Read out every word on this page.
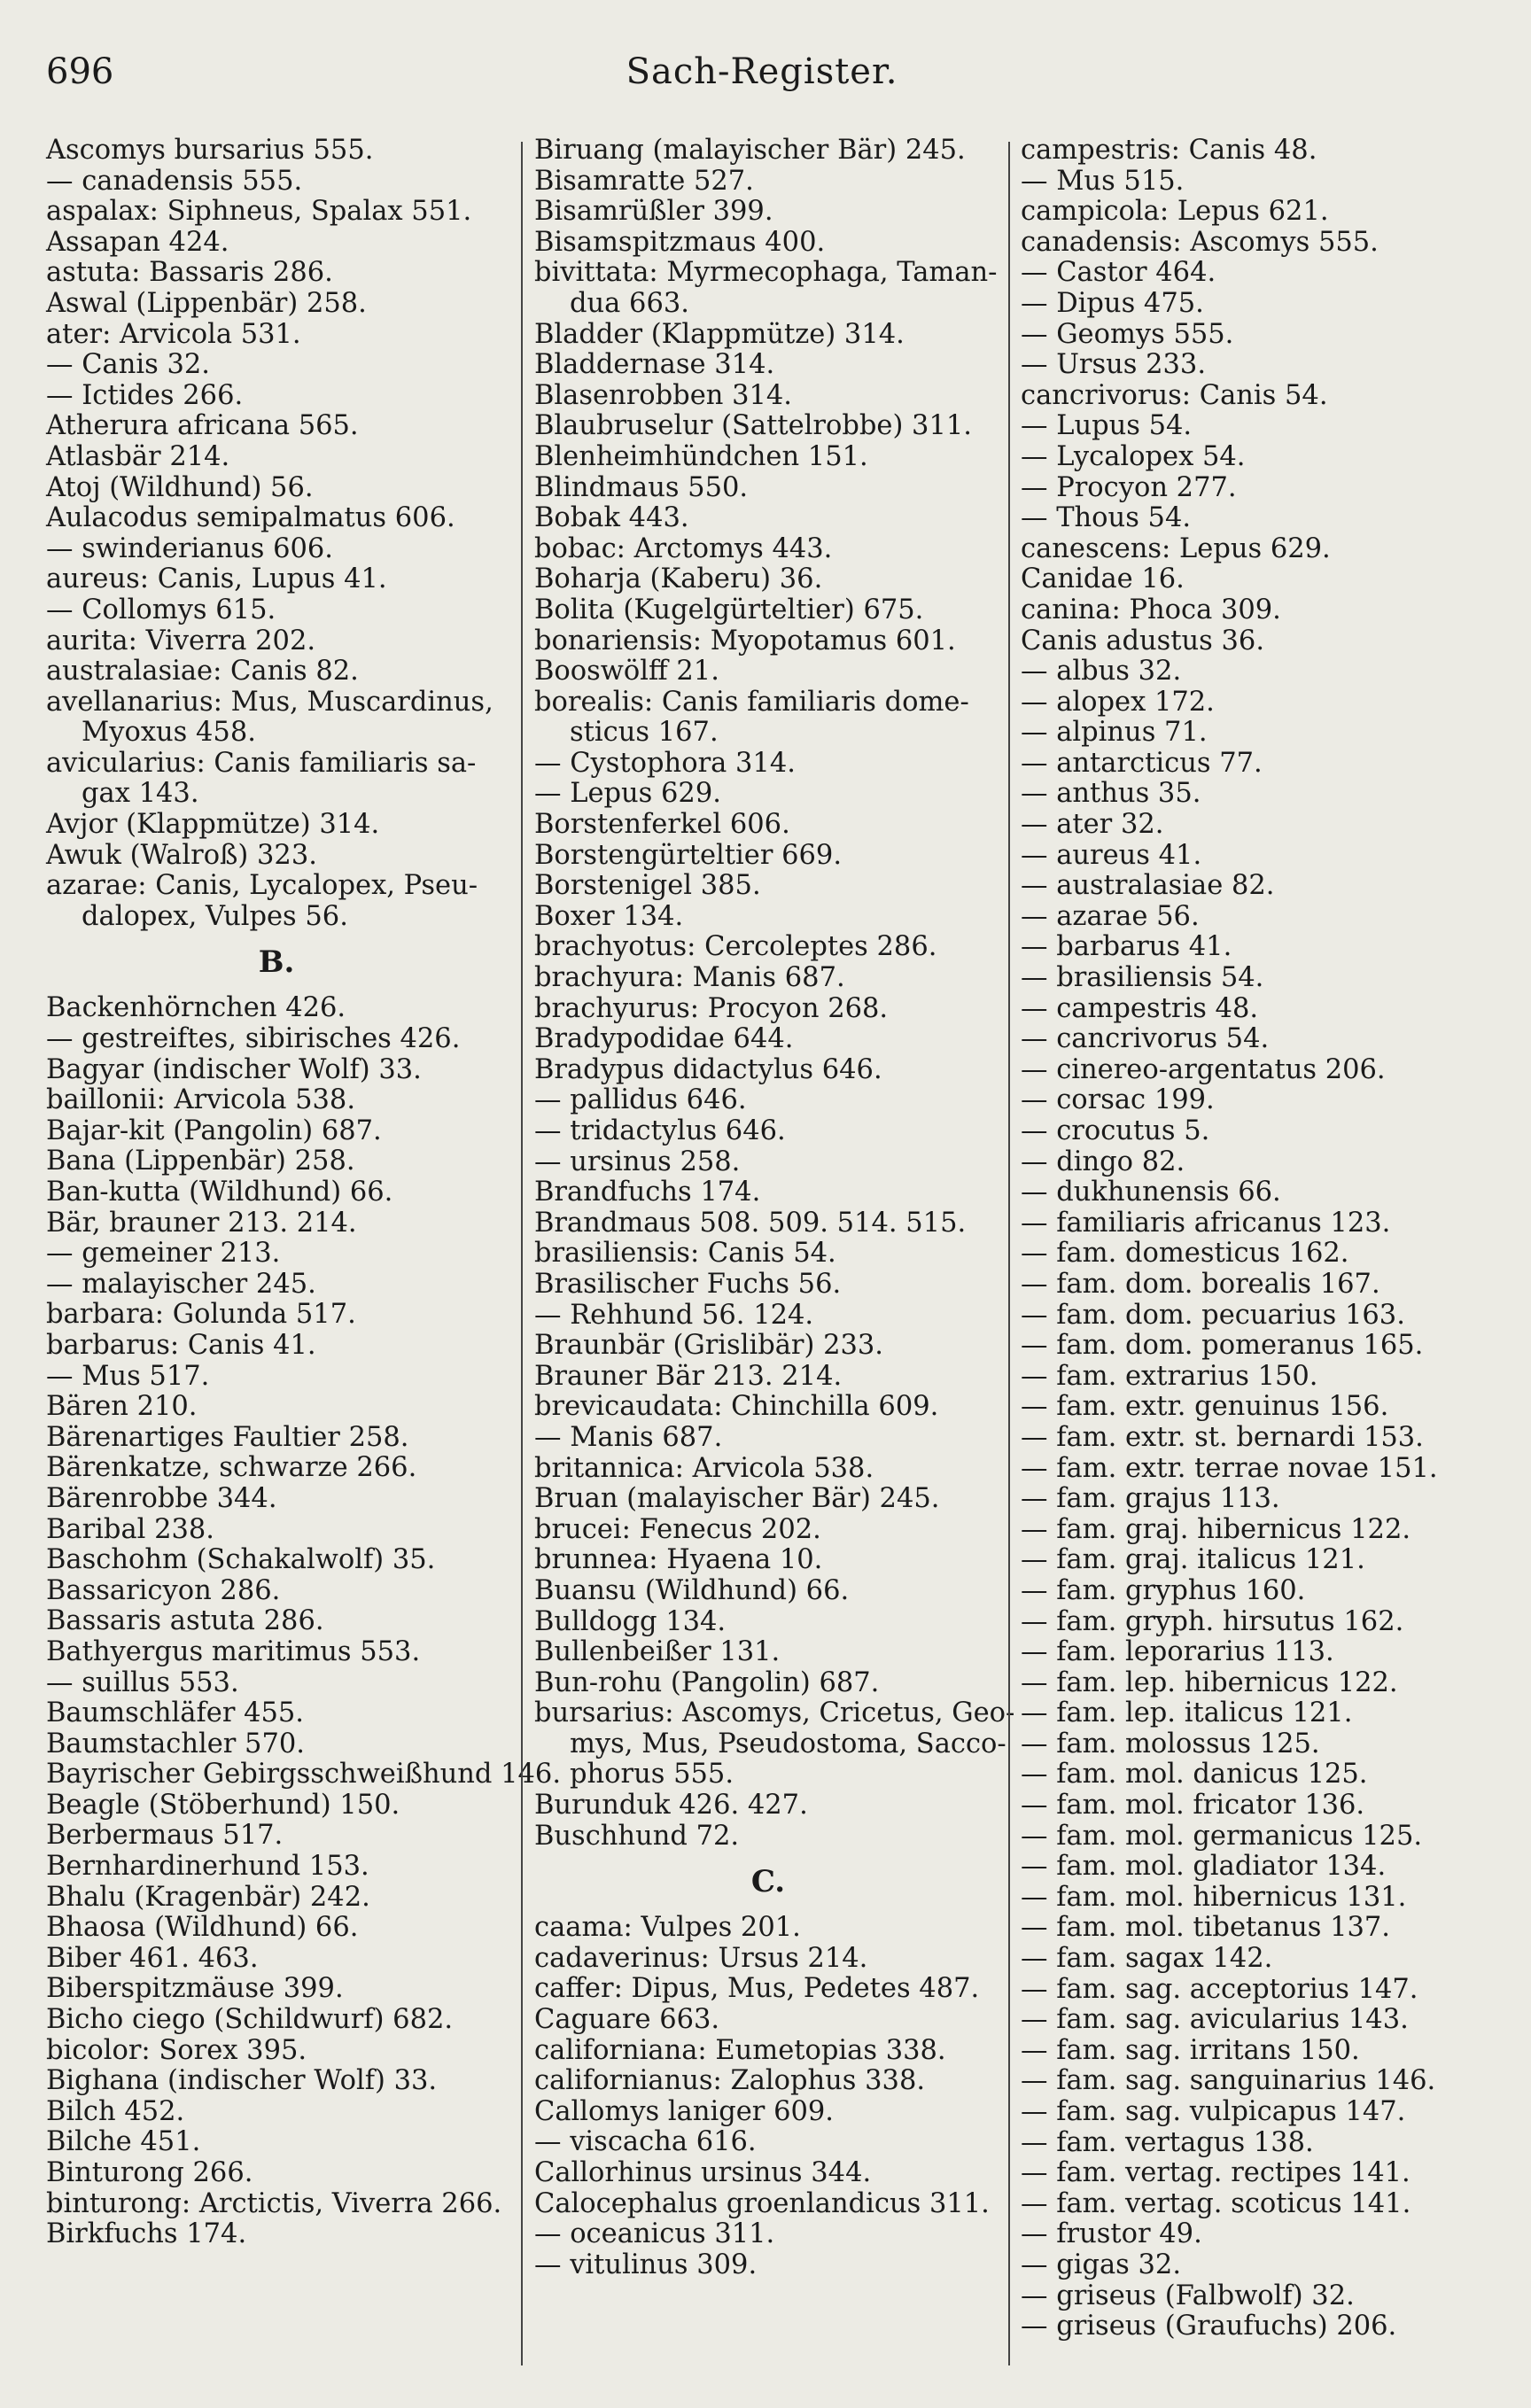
696	Sach-Register.
Ascomys bursarius 555.
— canadensis 555.
aspalax: Siphneus, Spalax 551.
Assapan 424.
astuta: Bassaris 286.
Aswal (Lippenbär) 258.
ater: Arvicola 531.
— Canis 32.
— Ictides 266.
Atherura africana 565.
Atlasbär 214.
Atoj (Wildhund) 56.
Aulacodus semipalmatus 606.
— swinderianus 606.
aureus: Canis, Lupus 41.
— Collomys 615.
aurita: Viverra 202.
australasiae: Canis 82.
avellanarius: Mus, Muscardinus,
Myoxus 458.
avicularius: Canis familiaris sa-
gax 143.
Avjor (Klappmütze) 314.
Awuk (Walroß) 323.
azarae: Canis, Lycalopex, Pseu-
dalopex, Vulpes 56.
B.
Backenhörnchen 426.
— gestreiftes, sibirisches 426.
Bagyar (indischer Wolf) 33.
baillonii: Arvicola 538.
Bajar-kit (Pangolin) 687.
Bana (Lippenbär) 258.
Ban-kutta (Wildhund) 66.
Bär, brauner 213. 214.
— gemeiner 213.
— malayischer 245.
barbara: Golunda 517.
barbarus: Canis 41.
— Mus 517.
Bären 210.
Bärenartiges Faultier 258.
Bärenkatze, schwarze 266.
Bärenrobbe 344.
Baribal 238.
Baschohm (Schakalwolf) 35.
Bassaricyon 286.
Bassaris astuta 286.
Bathyergus maritimus 553.
— suillus 553.
Baumschläfer 455.
Baumstachler 570.
Bayrischer Gebirgsschweißhund 146.
Beagle (Stöberhund) 150.
Berbermaus 517.
Bernhardinerhund 153.
Bhalu (Kragenbär) 242.
Bhaosa (Wildhund) 66.
Biber 461. 463.
Biberspitzmäuse 399.
Bicho ciego (Schildwurf) 682.
bicolor: Sorex 395.
Bighana (indischer Wolf) 33.
Bilch 452.
Bilche 451.
Binturong 266.
binturong: Arctictis, Viverra 266.
Birkfuchs 174.
Biruang (malayischer Bär) 245.
Bisamratte 527.
Bisamrüßler 399.
Bisamspitzmaus 400.
bivittata: Myrmecophaga, Taman-
dua 663.
Bladder (Klappmütze) 314.
Bladdernase 314.
Blasenrobben 314.
Blaubruselur (Sattelrobbe) 311.
Blenheimhündchen 151.
Blindmaus 550.
Bobak 443.
bobac: Arctomys 443.
Boharja (Kaberu) 36.
Bolita (Kugelgürteltier) 675.
bonariensis: Myopotamus 601.
Booswölff 21.
borealis: Canis familiaris dome-
sticus 167.
— Cystophora 314.
— Lepus 629.
Borstenferkel 606.
Borstengürteltier 669.
Borstenigel 385.
Boxer 134.
brachyotus: Cercoleptes 286.
brachyura: Manis 687.
brachyurus: Procyon 268.
Bradypodidae 644.
Bradypus didactylus 646.
— pallidus 646.
— tridactylus 646.
— ursinus 258.
Brandfuchs 174.
Brandmaus 508. 509. 514. 515.
brasiliensis: Canis 54.
Brasilischer Fuchs 56.
— Rehhund 56. 124.
Braunbär (Grislibär) 233.
Brauner Bär 213. 214.
brevicaudata: Chinchilla 609.
— Manis 687.
britannica: Arvicola 538.
Bruan (malayischer Bär) 245.
brucei: Fenecus 202.
brunnea: Hyaena 10.
Buansu (Wildhund) 66.
Bulldogg 134.
Bullenbeißer 131.
Bun-rohu (Pangolin) 687.
bursarius: Ascomys, Cricetus, Geo-
mys, Mus, Pseudostoma, Sacco-
phorus 555.
Burunduk 426. 427.
Buschhund 72.
C.
caama: Vulpes 201.
cadaverinus: Ursus 214.
caffer: Dipus, Mus, Pedetes 487.
Caguare 663.
californiana: Eumetopias 338.
californianus: Zalophus 338.
Callomys laniger 609.
— viscacha 616.
Callorhinus ursinus 344.
Calocephalus groenlandicus 311.
— oceanicus 311.
— vitulinus 309.
campestris: Canis 48.
— Mus 515.
campicola: Lepus 621.
canadensis: Ascomys 555.
— Castor 464.
— Dipus 475.
— Geomys 555.
— Ursus 233.
cancrivorus: Canis 54.
— Lupus 54.
— Lycalopex 54.
— Procyon 277.
— Thous 54.
canescens: Lepus 629.
Canidae 16.
canina: Phoca 309.
Canis adustus 36.
— albus 32.
— alopex 172.
— alpinus 71.
— antarcticus 77.
— anthus 35.
— ater 32.
— aureus 41.
— australasiae 82.
— azarae 56.
— barbarus 41.
— brasiliensis 54.
— campestris 48.
— cancrivorus 54.
— cinereo-argentatus 206.
— corsac 199.
— crocutus 5.
— dingo 82.
— dukhunensis 66.
— familiaris africanus 123.
— fam. domesticus 162.
— fam. dom. borealis 167.
— fam. dom. pecuarius 163.
— fam. dom. pomeranus 165.
— fam. extrarius 150.
— fam. extr. genuinus 156.
— fam. extr. st. bernardi 153.
— fam. extr. terrae novae 151.
— fam. grajus 113.
— fam. graj. hibernicus 122.
— fam. graj. italicus 121.
— fam. gryphus 160.
— fam. gryph. hirsutus 162.
— fam. leporarius 113.
— fam. lep. hibernicus 122.
— fam. lep. italicus 121.
— fam. molossus 125.
— fam. mol. danicus 125.
— fam. mol. fricator 136.
— fam. mol. germanicus 125.
— fam. mol. gladiator 134.
— fam. mol. hibernicus 131.
— fam. mol. tibetanus 137.
— fam. sagax 142.
— fam. sag. acceptorius 147.
— fam. sag. avicularius 143.
— fam. sag. irritans 150.
— fam. sag. sanguinarius 146.
— fam. sag. vulpicapus 147.
— fam. vertagus 138.
— fam. vertag. rectipes 141.
— fam. vertag. scoticus 141.
— frustor 49.
— gigas 32.
— griseus (Falbwolf) 32.
— griseus (Graufuchs) 206.
